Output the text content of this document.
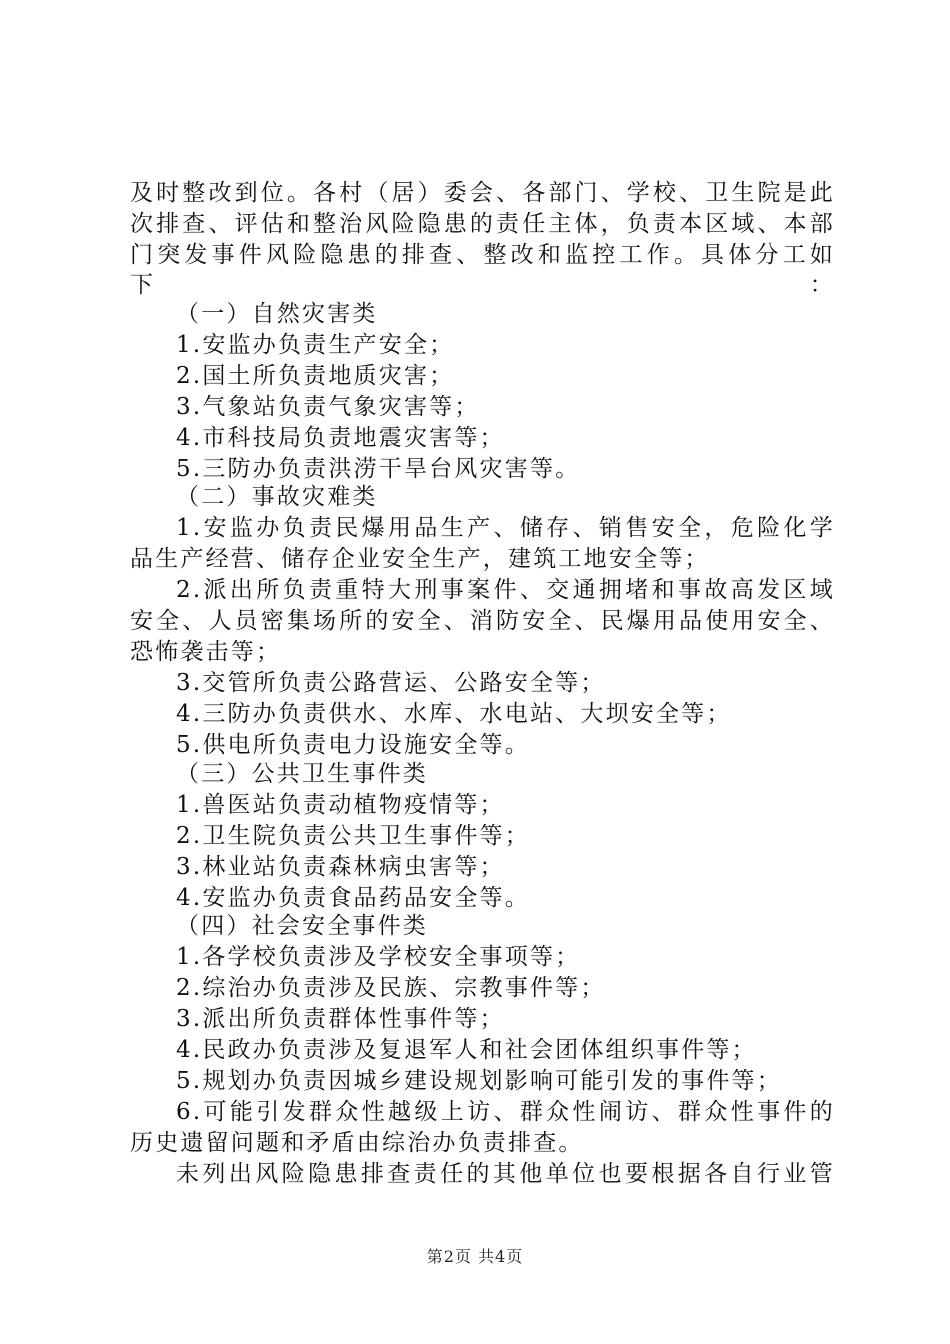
及时整改到位。各村（居）委会、各部门、学校、卫生院是此
次排查、评估和整治风险隐患的责任主体，负责本区域、本部
门突发事件风险隐患的排查、整改和监控工作。具体分工如下：
（一）自然灾害类
1.安监办负责生产安全；
2.国土所负责地质灾害；
3.气象站负责气象灾害等；
4.市科技局负责地震灾害等；
5.三防办负责洪涝干旱台风灾害等。
（二）事故灾难类
1.安监办负责民爆用品生产、储存、销售安全，危险化学
品生产经营、储存企业安全生产，建筑工地安全等；
2.派出所负责重特大刑事案件、交通拥堵和事故高发区域
安全、人员密集场所的安全、消防安全、民爆用品使用安全、
恐怖袭击等；
3.交管所负责公路营运、公路安全等；
4.三防办负责供水、水库、水电站、大坝安全等；
5.供电所负责电力设施安全等。
（三）公共卫生事件类
1.兽医站负责动植物疫情等；
2.卫生院负责公共卫生事件等；
3.林业站负责森林病虫害等；
4.安监办负责食品药品安全等。
（四）社会安全事件类
1.各学校负责涉及学校安全事项等；
2.综治办负责涉及民族、宗教事件等；
3.派出所负责群体性事件等；
4.民政办负责涉及复退军人和社会团体组织事件等；
5.规划办负责因城乡建设规划影响可能引发的事件等；
6.可能引发群众性越级上访、群众性闹访、群众性事件的
历史遗留问题和矛盾由综治办负责排查。
未列出风险隐患排查责任的其他单位也要根据各自行业管
第2页 共4页
